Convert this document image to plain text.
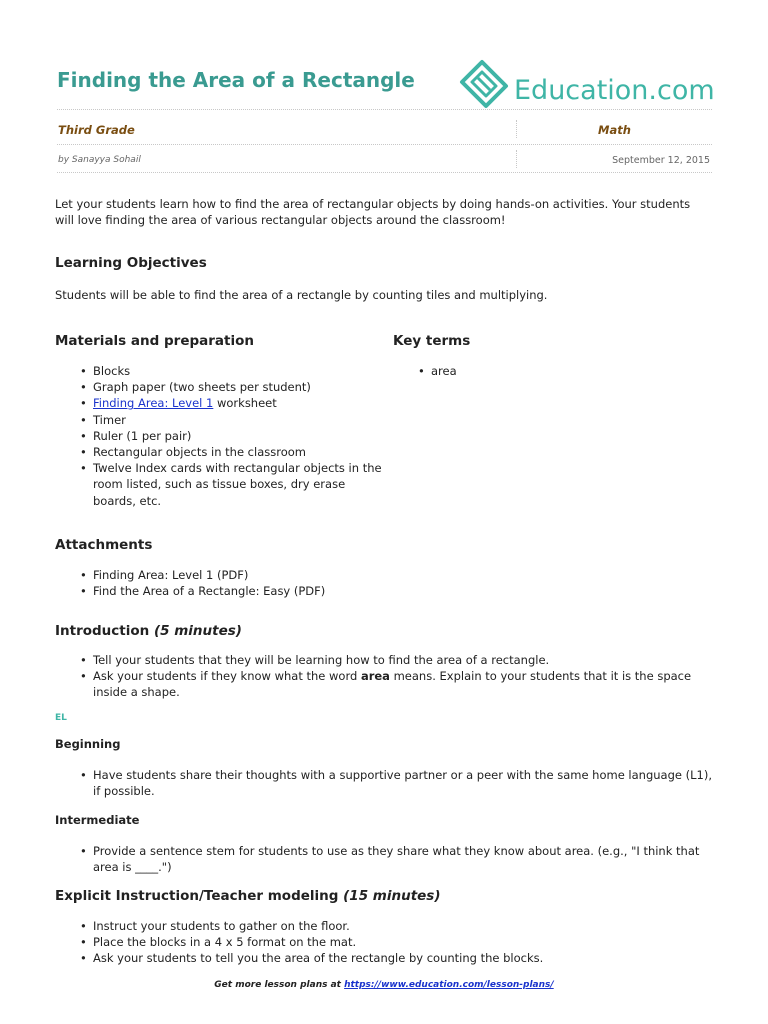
Finding the Area of a Rectangle	Education.com
Third Grade	Math
by Sanayya Sohail	September 12, 2015

Let your students learn how to find the area of rectangular objects by doing hands-on activities. Your students
will love finding the area of various rectangular objects around the classroom!

Learning Objectives

Students will be able to find the area of a rectangle by counting tiles and multiplying.

Materials and preparation
• Blocks
• Graph paper (two sheets per student)
• Finding Area: Level 1 worksheet
• Timer
• Ruler (1 per pair)
• Rectangular objects in the classroom
• Twelve Index cards with rectangular objects in the room listed, such as tissue boxes, dry erase boards, etc.
Key terms
• area
Attachments
• Finding Area: Level 1 (PDF)
• Find the Area of a Rectangle: Easy (PDF)
Introduction (5 minutes)
• Tell your students that they will be learning how to find the area of a rectangle.
• Ask your students if they know what the word area means. Explain to your students that it is the space inside a shape.
EL
Beginning
• Have students share their thoughts with a supportive partner or a peer with the same home language (L1), if possible.
Intermediate
• Provide a sentence stem for students to use as they share what they know about area. (e.g., "I think that area is ____.")
Explicit Instruction/Teacher modeling (15 minutes)
• Instruct your students to gather on the floor.
• Place the blocks in a 4 x 5 format on the mat.
• Ask your students to tell you the area of the rectangle by counting the blocks.
Get more lesson plans at https://www.education.com/lesson-plans/
